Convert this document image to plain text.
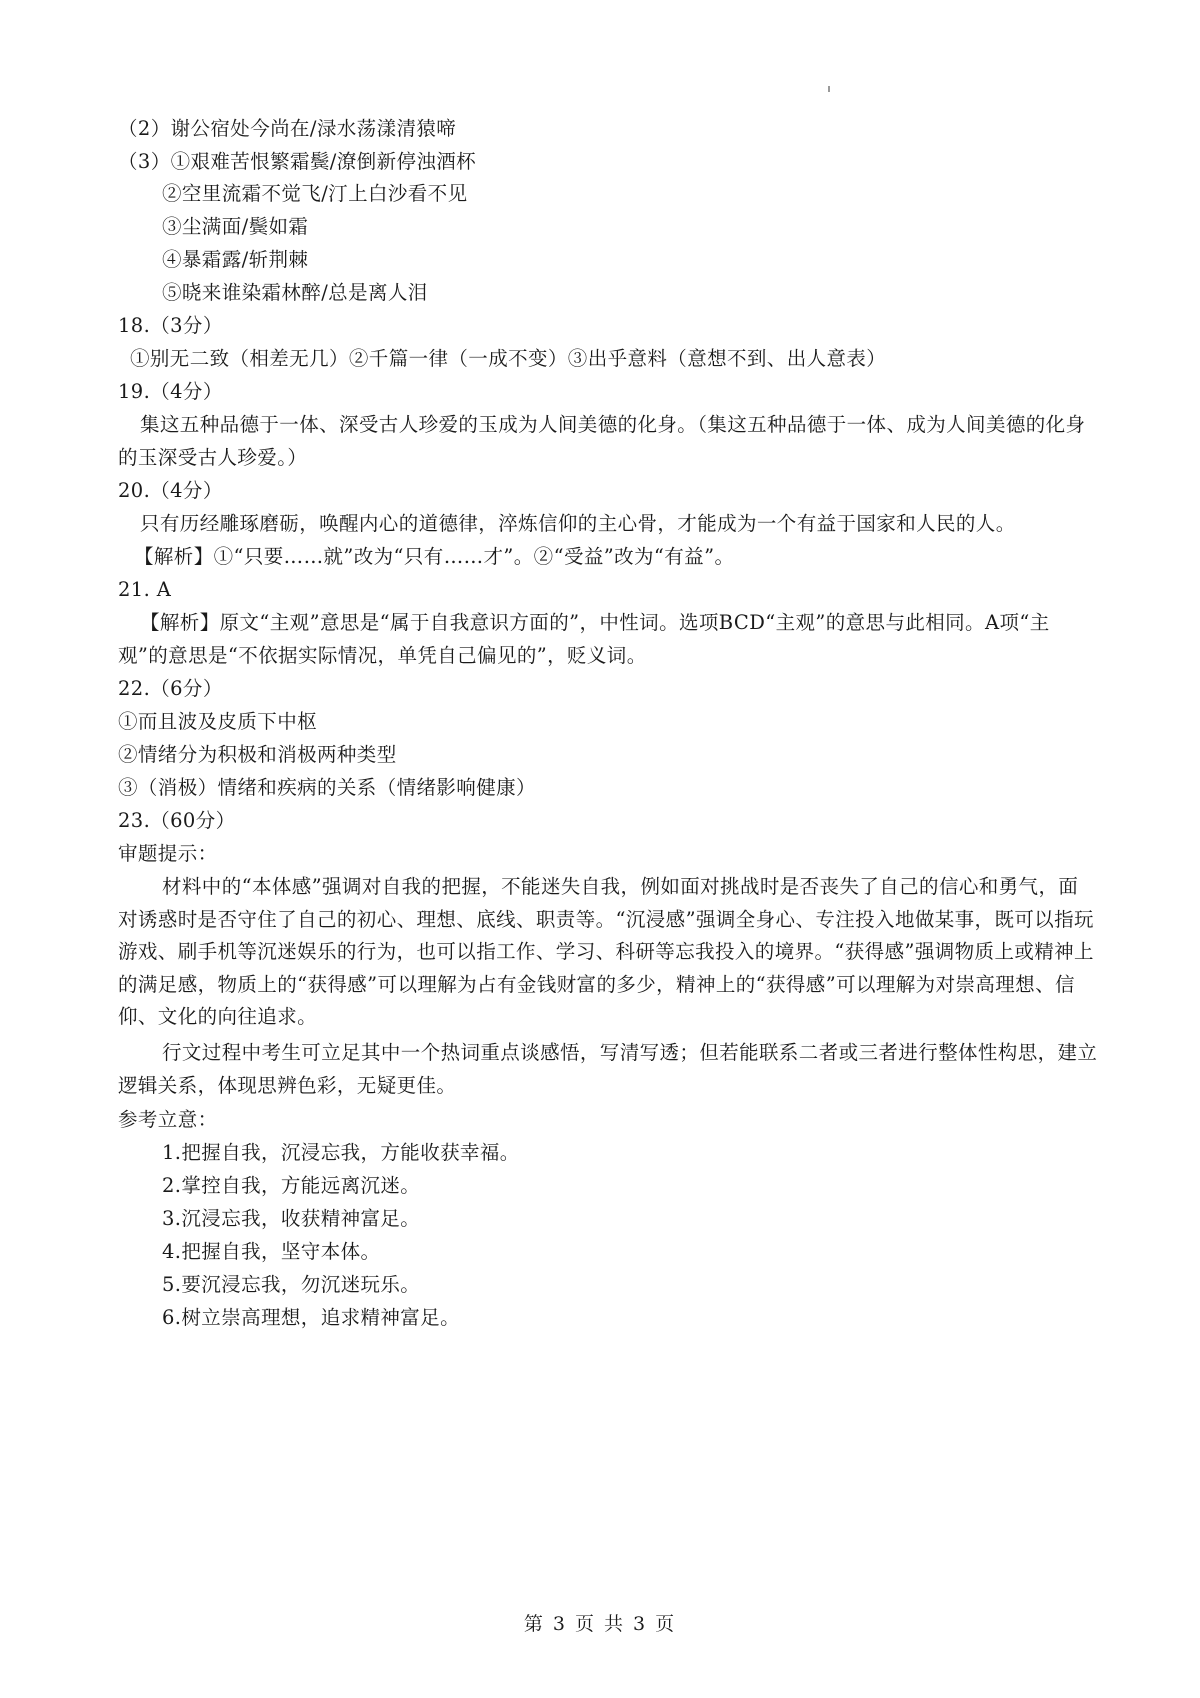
（2）谢公宿处今尚在/渌水荡漾清猿啼
（3）①艰难苦恨繁霜鬓/潦倒新停浊酒杯
②空里流霜不觉飞/汀上白沙看不见
③尘满面/鬓如霜
④暴霜露/斩荆棘
⑤晓来谁染霜林醉/总是离人泪
18.（3分）
①别无二致（相差无几）②千篇一律（一成不变）③出乎意料（意想不到、出人意表）
19.（4分）
集这五种品德于一体、深受古人珍爱的玉成为人间美德的化身。（集这五种品德于一体、成为人间美德的化身的玉深受古人珍爱。）
20.（4分）
只有历经雕琢磨砺，唤醒内心的道德律，淬炼信仰的主心骨，才能成为一个有益于国家和人民的人。
【解析】①“只要……就”改为“只有……才”。②“受益”改为“有益”。
21. A
【解析】原文“主观”意思是“属于自我意识方面的”，中性词。选项BCD“主观”的意思与此相同。A项“主观”的意思是“不依据实际情况，单凭自己偏见的”，贬义词。
22.（6分）
①而且波及皮质下中枢
②情绪分为积极和消极两种类型
③（消极）情绪和疾病的关系（情绪影响健康）
23.（60分）
审题提示：
材料中的“本体感”强调对自我的把握，不能迷失自我，例如面对挑战时是否丧失了自己的信心和勇气，面对诱惑时是否守住了自己的初心、理想、底线、职责等。“沉浸感”强调全身心、专注投入地做某事，既可以指玩游戏、刷手机等沉迷娱乐的行为，也可以指工作、学习、科研等忘我投入的境界。“获得感”强调物质上或精神上的满足感，物质上的“获得感”可以理解为占有金钱财富的多少，精神上的“获得感”可以理解为对崇高理想、信仰、文化的向往追求。
行文过程中考生可立足其中一个热词重点谈感悟，写清写透；但若能联系二者或三者进行整体性构思，建立逻辑关系，体现思辨色彩，无疑更佳。
参考立意：
1.把握自我，沉浸忘我，方能收获幸福。
2.掌控自我，方能远离沉迷。
3.沉浸忘我，收获精神富足。
4.把握自我，坚守本体。
5.要沉浸忘我，勿沉迷玩乐。
6.树立崇高理想，追求精神富足。
第 3 页 共 3 页
